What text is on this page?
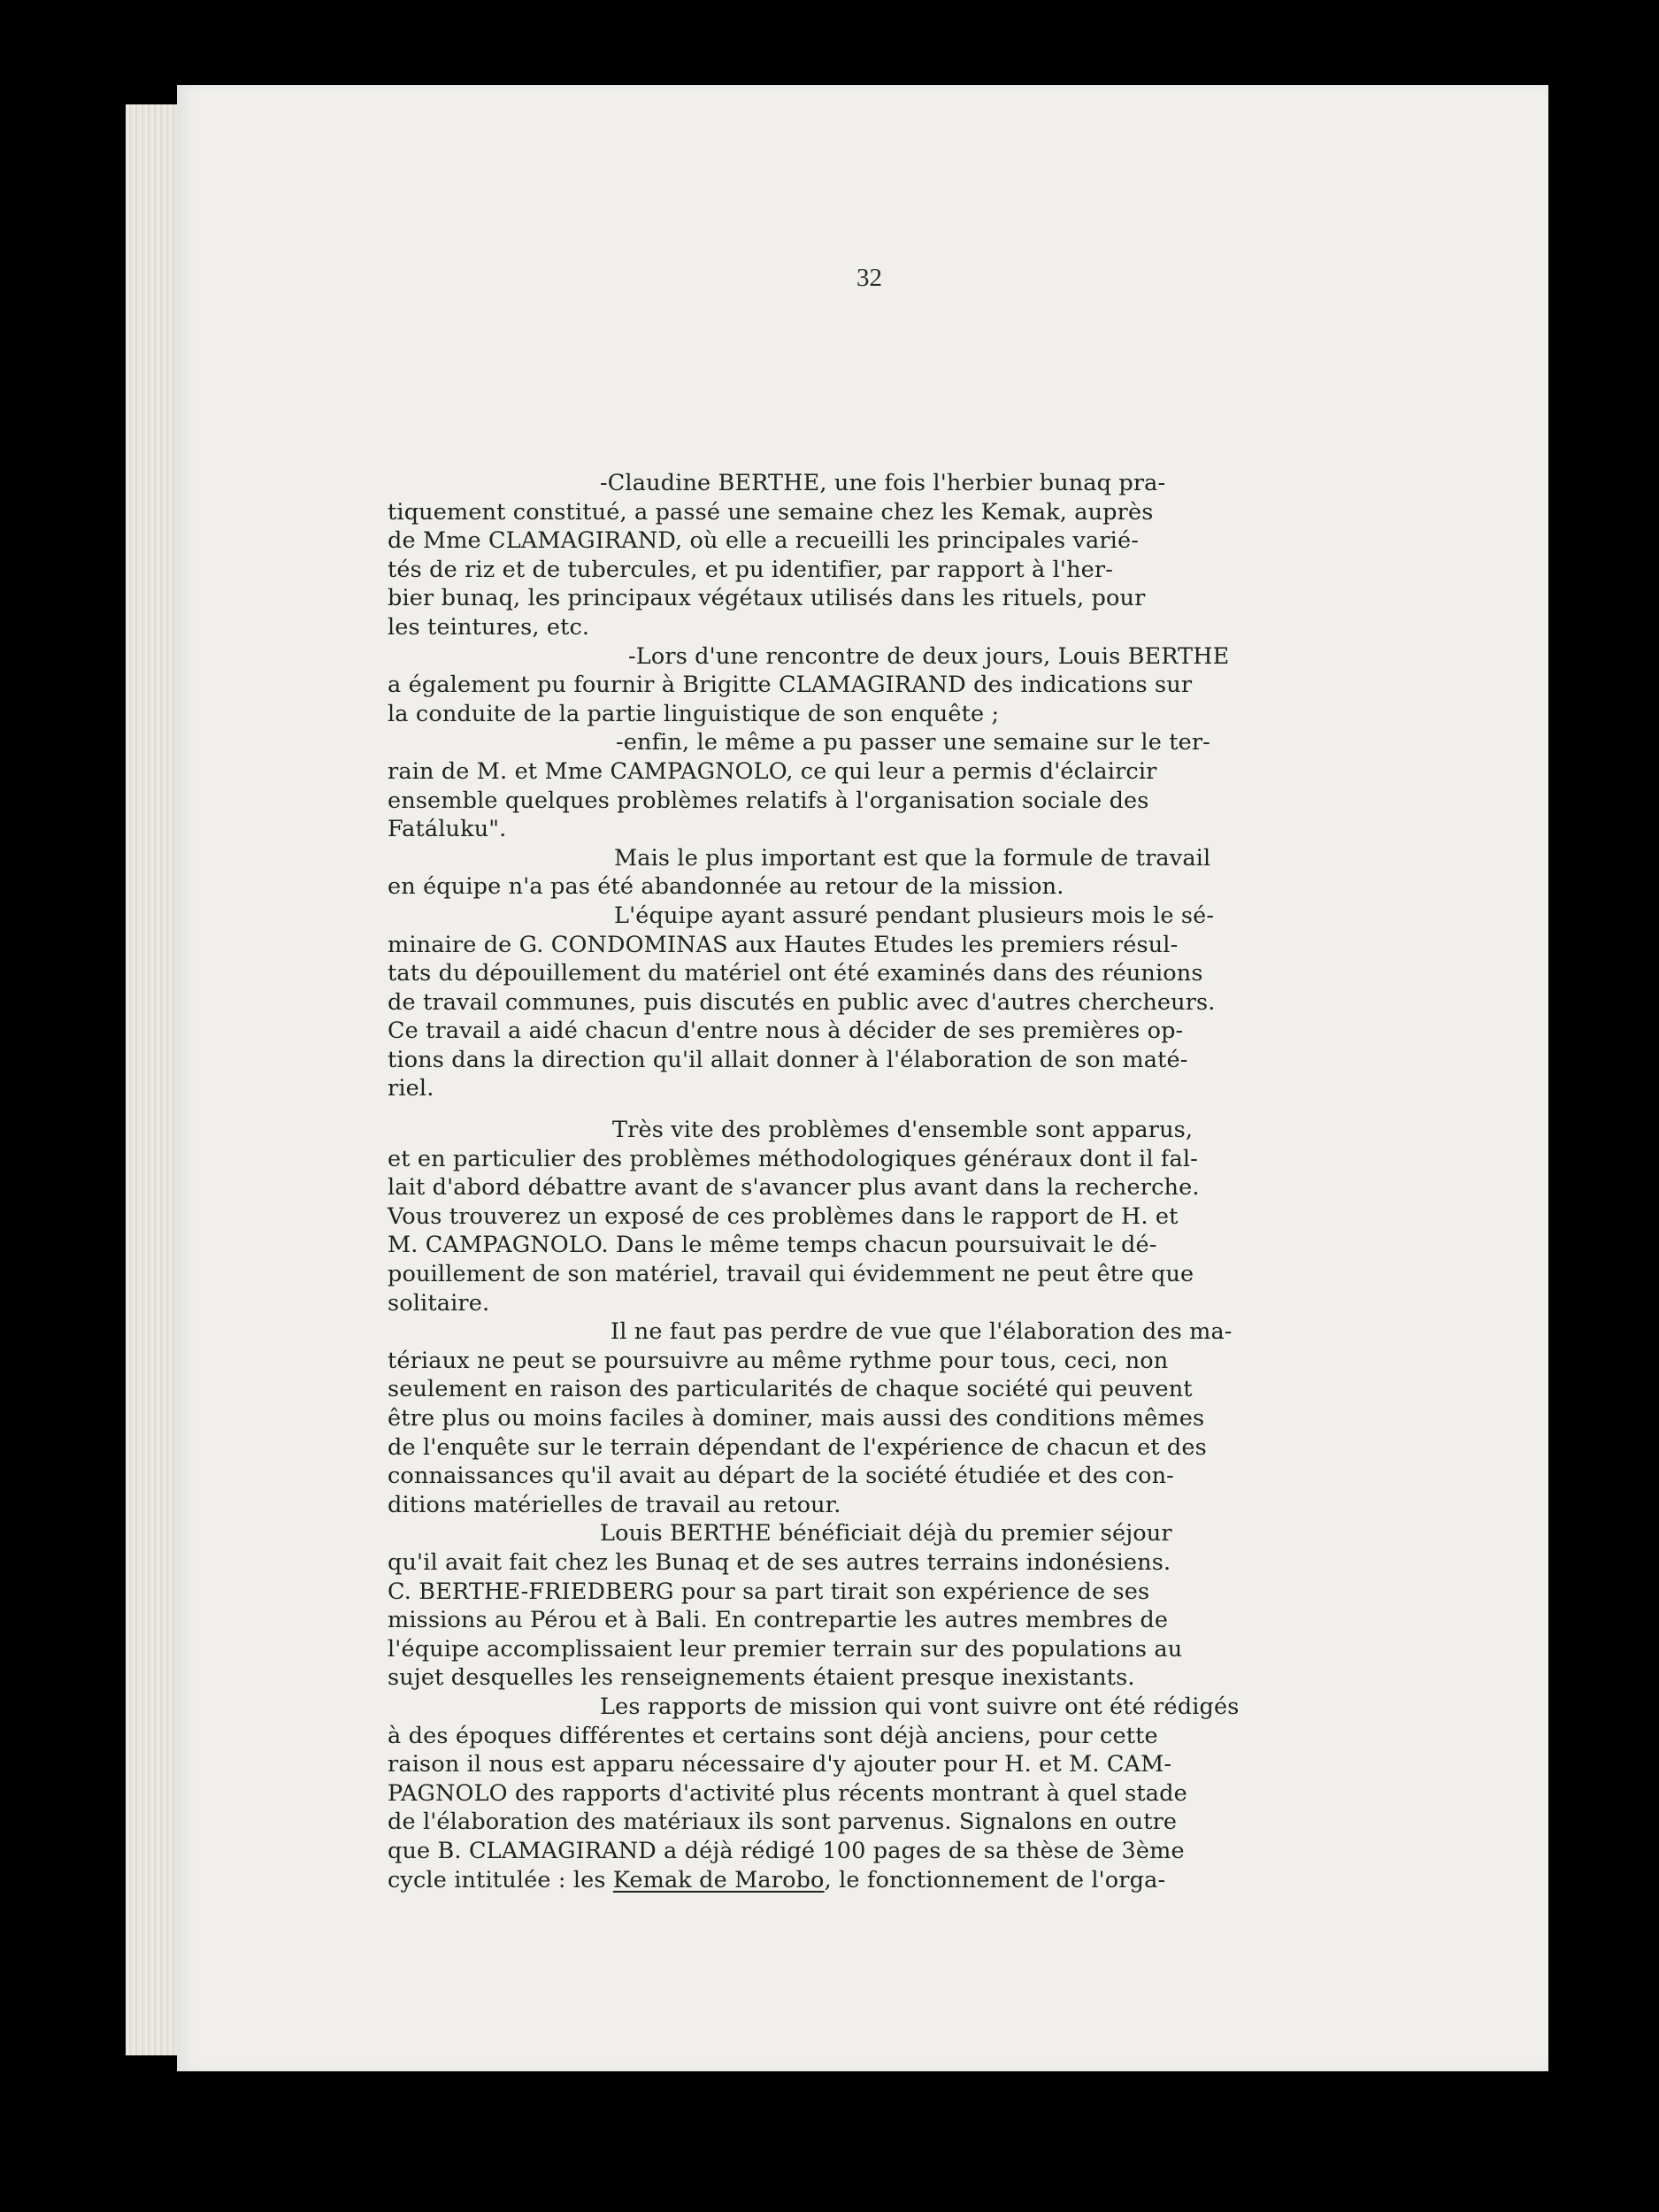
32
-Claudine BERTHE, une fois l'herbier bunaq pra-
tiquement constitué, a passé une semaine chez les Kemak, auprès
de Mme CLAMAGIRAND, où elle a recueilli les principales varié-
tés de riz et de tubercules, et pu identifier, par rapport à l'her-
bier bunaq, les principaux végétaux utilisés dans les rituels, pour
les teintures, etc.
-Lors d'une rencontre de deux jours, Louis BERTHE
a également pu fournir à Brigitte CLAMAGIRAND des indications sur
la conduite de la partie linguistique de son enquête ;
-enfin, le même a pu passer une semaine sur le ter-
rain de M. et Mme CAMPAGNOLO, ce qui leur a permis d'éclaircir
ensemble quelques problèmes relatifs à l'organisation sociale des
Fatáluku".
Mais le plus important est que la formule de travail
en équipe n'a pas été abandonnée au retour de la mission.
L'équipe ayant assuré pendant plusieurs mois le sé-
minaire de G. CONDOMINAS aux Hautes Etudes les premiers résul-
tats du dépouillement du matériel ont été examinés dans des réunions
de travail communes, puis discutés en public avec d'autres chercheurs.
Ce travail a aidé chacun d'entre nous à décider de ses premières op-
tions dans la direction qu'il allait donner à l'élaboration de son maté-
riel.
Très vite des problèmes d'ensemble sont apparus,
et en particulier des problèmes méthodologiques généraux dont il fal-
lait d'abord débattre avant de s'avancer plus avant dans la recherche.
Vous trouverez un exposé de ces problèmes dans le rapport de H. et
M. CAMPAGNOLO. Dans le même temps chacun poursuivait le dé-
pouillement de son matériel, travail qui évidemment ne peut être que
solitaire.
Il ne faut pas perdre de vue que l'élaboration des ma-
tériaux ne peut se poursuivre au même rythme pour tous, ceci, non
seulement en raison des particularités de chaque société qui peuvent
être plus ou moins faciles à dominer, mais aussi des conditions mêmes
de l'enquête sur le terrain dépendant de l'expérience de chacun et des
connaissances qu'il avait au départ de la société étudiée et des con-
ditions matérielles de travail au retour.
Louis BERTHE bénéficiait déjà du premier séjour
qu'il avait fait chez les Bunaq et de ses autres terrains indonésiens.
C. BERTHE-FRIEDBERG pour sa part tirait son expérience de ses
missions au Pérou et à Bali. En contrepartie les autres membres de
l'équipe accomplissaient leur premier terrain sur des populations au
sujet desquelles les renseignements étaient presque inexistants.
Les rapports de mission qui vont suivre ont été rédigés
à des époques différentes et certains sont déjà anciens, pour cette
raison il nous est apparu nécessaire d'y ajouter pour H. et M. CAM-
PAGNOLO des rapports d'activité plus récents montrant à quel stade
de l'élaboration des matériaux ils sont parvenus. Signalons en outre
que B. CLAMAGIRAND a déjà rédigé 100 pages de sa thèse de 3ème
cycle intitulée : les Kemak de Marobo, le fonctionnement de l'orga-
